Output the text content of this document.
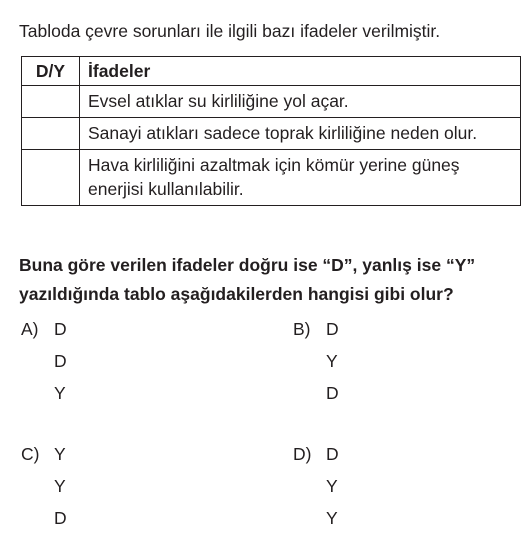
Tabloda çevre sorunları ile ilgili bazı ifadeler verilmiştir.
D/Y	İfadeler
	Evsel atıklar su kirliliğine yol açar.
	Sanayi atıkları sadece toprak kirliliğine neden olur.
	Hava kirliliğini azaltmak için kömür yerine güneş enerjisi kullanılabilir.
Buna göre verilen ifadeler doğru ise “D”, yanlış ise “Y” yazıldığında tablo aşağıdakilerden hangisi gibi olur?
A) D
D
Y
B) D
Y
D
C) Y
Y
D
D) D
Y
Y
